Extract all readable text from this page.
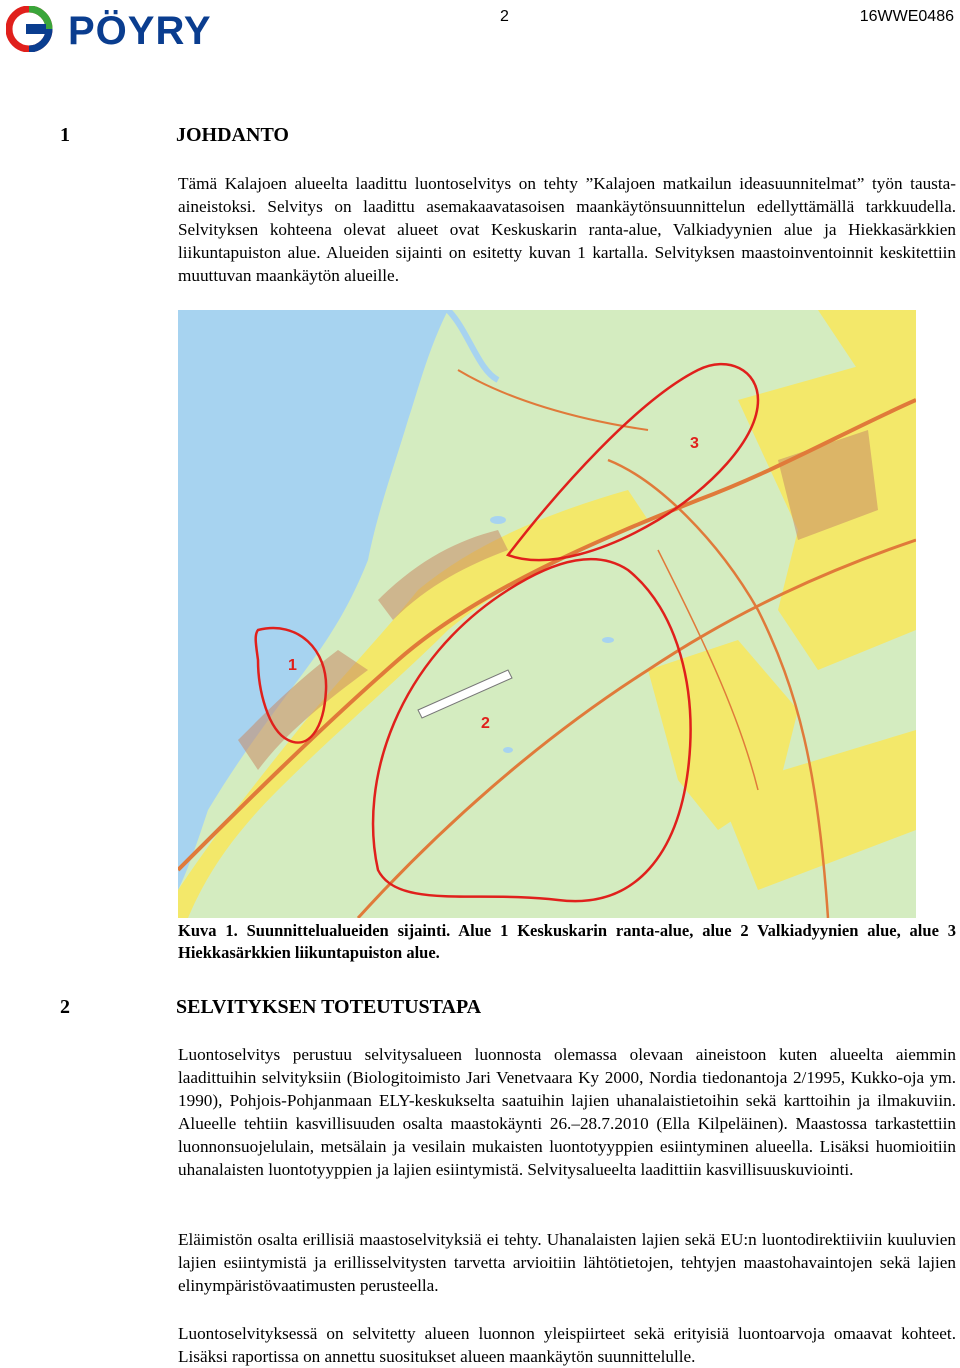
PÖYRY	2	16WWE0486
1	JOHDANTO
Tämä Kalajoen alueelta laadittu luontoselvitys on tehty ”Kalajoen matkailun ideasuunnitelmat” työn tausta-aineistoksi. Selvitys on laadittu asemakaavatasoisen maankäytönsuunnittelun edellyttämällä tarkkuudella. Selvityksen kohteena olevat alueet ovat Keskuskarin ranta-alue, Valkiadyynien alue ja Hiekkasärkkien liikuntapuiston alue. Alueiden sijainti on esitetty kuvan 1 kartalla. Selvityksen maastoinventoinnit keskitettiin muuttuvan maankäytön alueille.
1
2
3
Kuva 1. Suunnittelualueiden sijainti. Alue 1 Keskuskarin ranta-alue, alue 2 Valkiadyynien alue, alue 3 Hiekkasärkkien liikuntapuiston alue.
2	SELVITYKSEN TOTEUTUSTAPA
Luontoselvitys perustuu selvitysalueen luonnosta olemassa olevaan aineistoon kuten alueelta aiemmin laadittuihin selvityksiin (Biologitoimisto Jari Venetvaara Ky 2000, Nordia tiedonantoja 2/1995, Kukko-oja ym. 1990), Pohjois-Pohjanmaan ELY-keskukselta saatuihin lajien uhanalaistietoihin sekä karttoihin ja ilmakuviin. Alueelle tehtiin kasvillisuuden osalta maastokäynti 26.–28.7.2010 (Ella Kilpeläinen). Maastossa tarkastettiin luonnonsuojelulain, metsälain ja vesilain mukaisten luontotyyppien esiintyminen alueella. Lisäksi huomioitiin uhanalaisten luontotyyppien ja lajien esiintymistä. Selvitysalueelta laadittiin kasvillisuuskuviointi.
Eläimistön osalta erillisiä maastoselvityksiä ei tehty. Uhanalaisten lajien sekä EU:n luontodirektiiviin kuuluvien lajien esiintymistä ja erillisselvitysten tarvetta arvioitiin lähtötietojen, tehtyjen maastohavaintojen sekä lajien elinympäristövaatimusten perusteella.
Luontoselvityksessä on selvitetty alueen luonnon yleispiirteet sekä erityisiä luontoarvoja omaavat kohteet. Lisäksi raportissa on annettu suositukset alueen maankäytön suunnittelulle.
